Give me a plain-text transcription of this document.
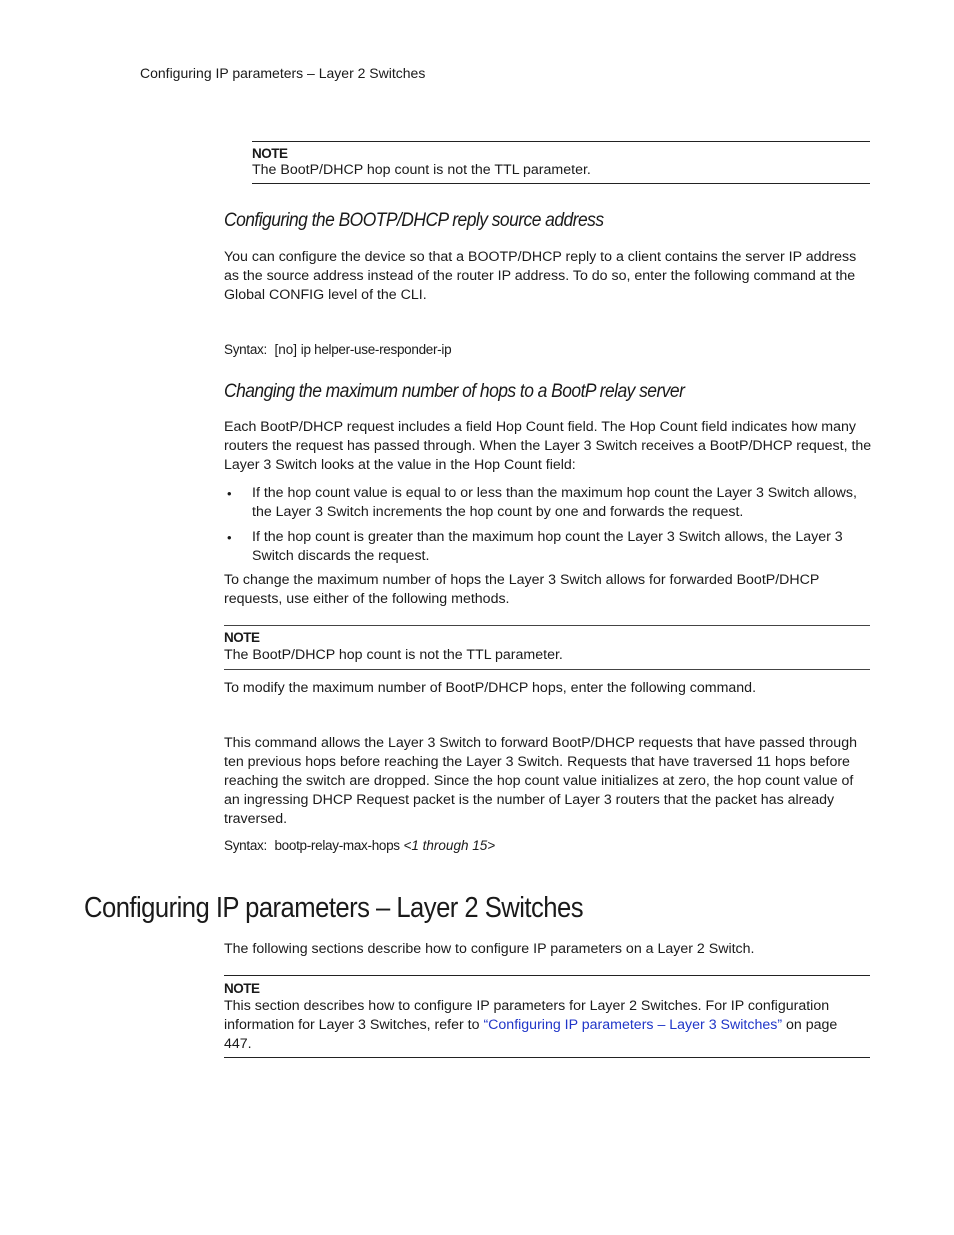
Configuring IP parameters – Layer 2 Switches
NOTE
The BootP/DHCP hop count is not the TTL parameter.
Configuring the BOOTP/DHCP reply source address

You can configure the device so that a BOOTP/DHCP reply to a client contains the server IP address as the source address instead of the router IP address. To do so, enter the following command at the Global CONFIG level of the CLI.

Syntax: [no] ip helper-use-responder-ip
Changing the maximum number of hops to a BootP relay server

Each BootP/DHCP request includes a field Hop Count field. The Hop Count field indicates how many routers the request has passed through. When the Layer 3 Switch receives a BootP/DHCP request, the Layer 3 Switch looks at the value in the Hop Count field:

• If the hop count value is equal to or less than the maximum hop count the Layer 3 Switch allows, the Layer 3 Switch increments the hop count by one and forwards the request.
• If the hop count is greater than the maximum hop count the Layer 3 Switch allows, the Layer 3 Switch discards the request.

To change the maximum number of hops the Layer 3 Switch allows for forwarded BootP/DHCP requests, use either of the following methods.

NOTE
The BootP/DHCP hop count is not the TTL parameter.

To modify the maximum number of BootP/DHCP hops, enter the following command.

This command allows the Layer 3 Switch to forward BootP/DHCP requests that have passed through ten previous hops before reaching the Layer 3 Switch. Requests that have traversed 11 hops before reaching the switch are dropped. Since the hop count value initializes at zero, the hop count value of an ingressing DHCP Request packet is the number of Layer 3 routers that the packet has already traversed.

Syntax: bootp-relay-max-hops <1 through 15>
Configuring IP parameters – Layer 2 Switches

The following sections describe how to configure IP parameters on a Layer 2 Switch.

NOTE
This section describes how to configure IP parameters for Layer 2 Switches. For IP configuration information for Layer 3 Switches, refer to “Configuring IP parameters – Layer 3 Switches” on page 447.
